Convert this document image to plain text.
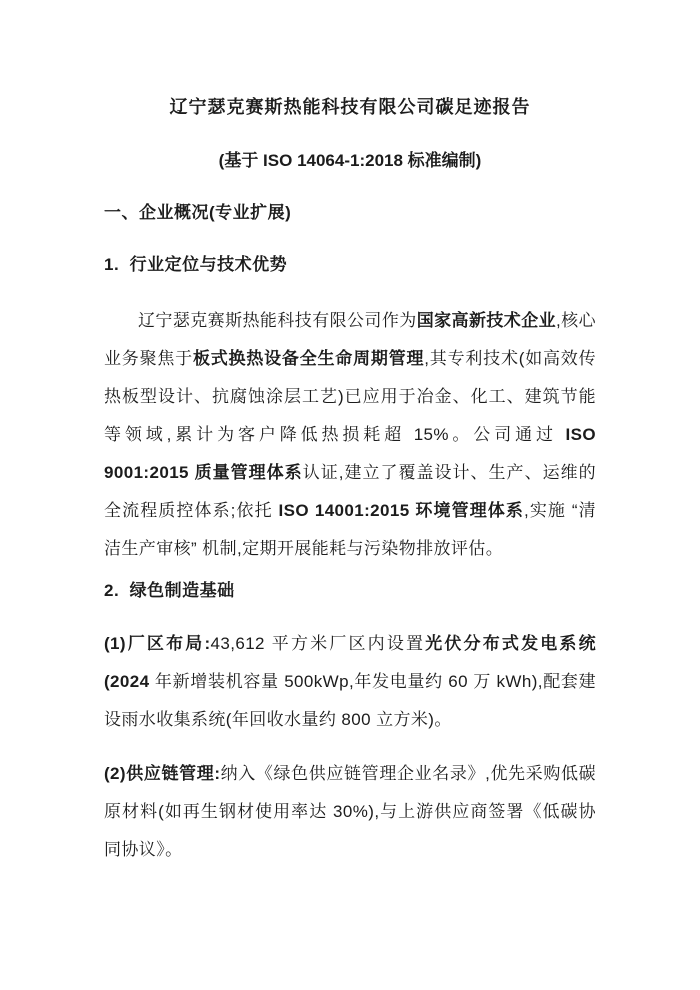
辽宁瑟克赛斯热能科技有限公司碳足迹报告

(基于 ISO 14064-1:2018 标准编制)

一、企业概况(专业扩展)
1.  行业定位与技术优势

辽宁瑟克赛斯热能科技有限公司作为国家高新技术企业,核心业务聚焦于板式换热设备全生命周期管理,其专利技术(如高效传热板型设计、抗腐蚀涂层工艺)已应用于冶金、化工、建筑节能等领域,累计为客户降低热损耗超 15%。公司通过 ISO 9001:2015 质量管理体系认证,建立了覆盖设计、生产、运维的全流程质控体系;依托 ISO 14001:2015 环境管理体系,实施 “清洁生产审核” 机制,定期开展能耗与污染物排放评估。

2.  绿色制造基础

(1)厂区布局:43,612 平方米厂区内设置光伏分布式发电系统(2024 年新增装机容量 500kWp,年发电量约 60 万 kWh),配套建设雨水收集系统(年回收水量约 800 立方米)。

(2)供应链管理:纳入《绿色供应链管理企业名录》,优先采购低碳原材料(如再生钢材使用率达 30%),与上游供应商签署《低碳协同协议》。
